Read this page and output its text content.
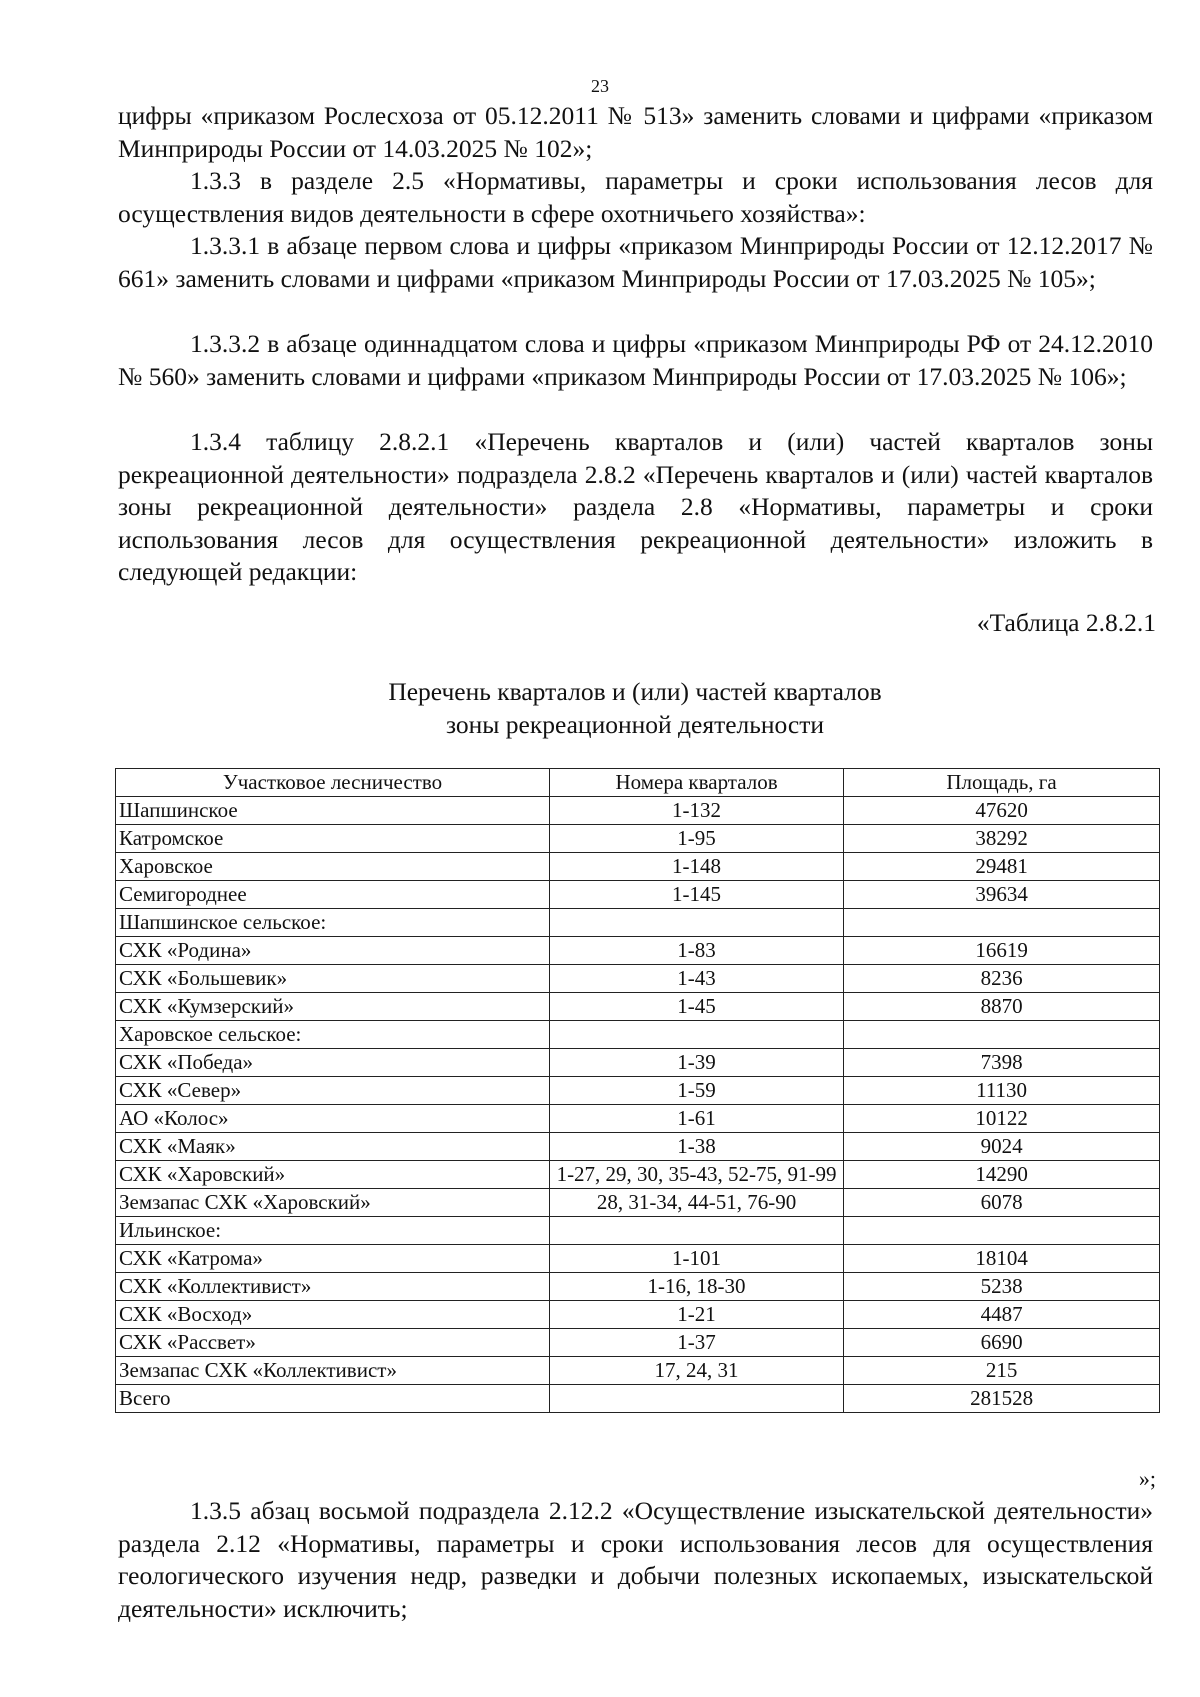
23

цифры «приказом Рослесхоза от 05.12.2011 № 513» заменить словами и цифрами «приказом Минприроды России от 14.03.2025 № 102»;

1.3.3 в разделе 2.5 «Нормативы, параметры и сроки использования лесов для осуществления видов деятельности в сфере охотничьего хозяйства»:

1.3.3.1 в абзаце первом слова и цифры «приказом Минприроды России от 12.12.2017 № 661» заменить словами и цифрами «приказом Минприроды России от 17.03.2025 № 105»;

1.3.3.2 в абзаце одиннадцатом слова и цифры «приказом Минприроды РФ от 24.12.2010 № 560» заменить словами и цифрами «приказом Минприроды России от 17.03.2025 № 106»;

1.3.4 таблицу 2.8.2.1 «Перечень кварталов и (или) частей кварталов зоны рекреационной деятельности» подраздела 2.8.2 «Перечень кварталов и (или) частей кварталов зоны рекреационной деятельности» раздела 2.8 «Нормативы, параметры и сроки использования лесов для осуществления рекреационной деятельности» изложить в следующей редакции:

«Таблица 2.8.2.1
Перечень кварталов и (или) частей кварталов
зоны рекреационной деятельности
Участковое лесничество	Номера кварталов	Площадь, га
Шапшинское	1-132	47620
Катромское	1-95	38292
Харовское	1-148	29481
Семигороднее	1-145	39634
Шапшинское сельское:		
СХК «Родина»	1-83	16619
СХК «Большевик»	1-43	8236
СХК «Кумзерский»	1-45	8870
Харовское сельское:		
СХК «Победа»	1-39	7398
СХК «Север»	1-59	11130
АО «Колос»	1-61	10122
СХК «Маяк»	1-38	9024
СХК «Харовский»	1-27, 29, 30, 35-43, 52-75, 91-99	14290
Земзапас СХК «Харовский»	28, 31-34, 44-51, 76-90	6078
Ильинское:		
СХК «Катрома»	1-101	18104
СХК «Коллективист»	1-16, 18-30	5238
СХК «Восход»	1-21	4487
СХК «Рассвет»	1-37	6690
Земзапас СХК «Коллективист»	17, 24, 31	215
Всего		281528
»;

1.3.5 абзац восьмой подраздела 2.12.2 «Осуществление изыскательской деятельности» раздела 2.12 «Нормативы, параметры и сроки использования лесов для осуществления геологического изучения недр, разведки и добычи полезных ископаемых, изыскательской деятельности» исключить;
